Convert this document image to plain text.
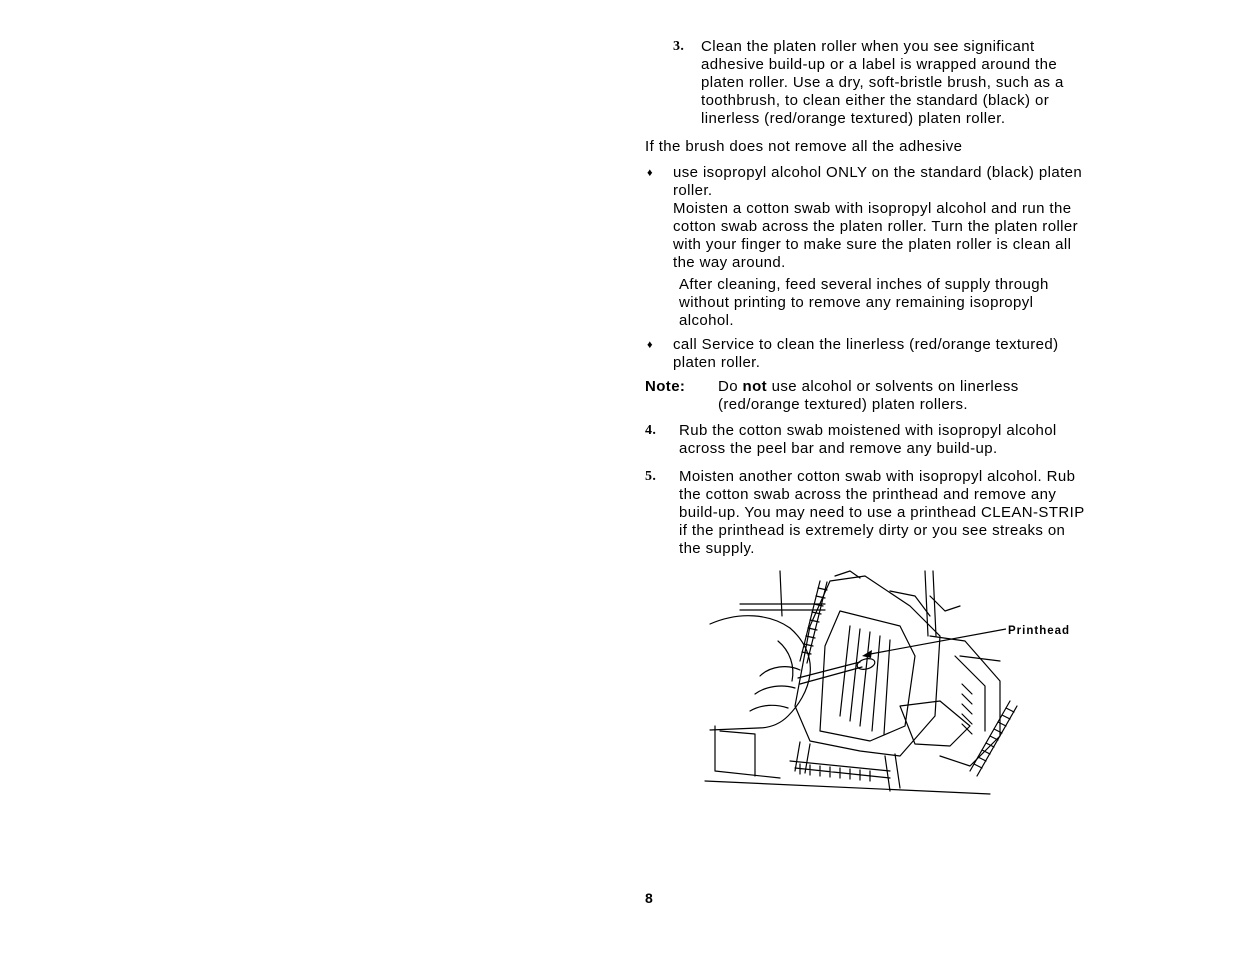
3. Clean the platen roller when you see significant
adhesive build-up or a label is wrapped around the
platen roller. Use a dry, soft-bristle brush, such as a
toothbrush, to clean either the standard (black) or
linerless (red/orange textured) platen roller.

If the brush does not remove all the adhesive

♦ use isopropyl alcohol ONLY on the standard (black) platen
roller.
Moisten a cotton swab with isopropyl alcohol and run the
cotton swab across the platen roller. Turn the platen roller
with your finger to make sure the platen roller is clean all
the way around.
After cleaning, feed several inches of supply through
without printing to remove any remaining isopropyl
alcohol.
♦ call Service to clean the linerless (red/orange textured)
platen roller.
Note: Do not use alcohol or solvents on linerless
(red/orange textured) platen rollers.
4. Rub the cotton swab moistened with isopropyl alcohol
across the peel bar and remove any build-up.
5. Moisten another cotton swab with isopropyl alcohol. Rub
the cotton swab across the printhead and remove any
build-up. You may need to use a printhead CLEAN-STRIP
if the printhead is extremely dirty or you see streaks on
the supply.
Printhead
8
